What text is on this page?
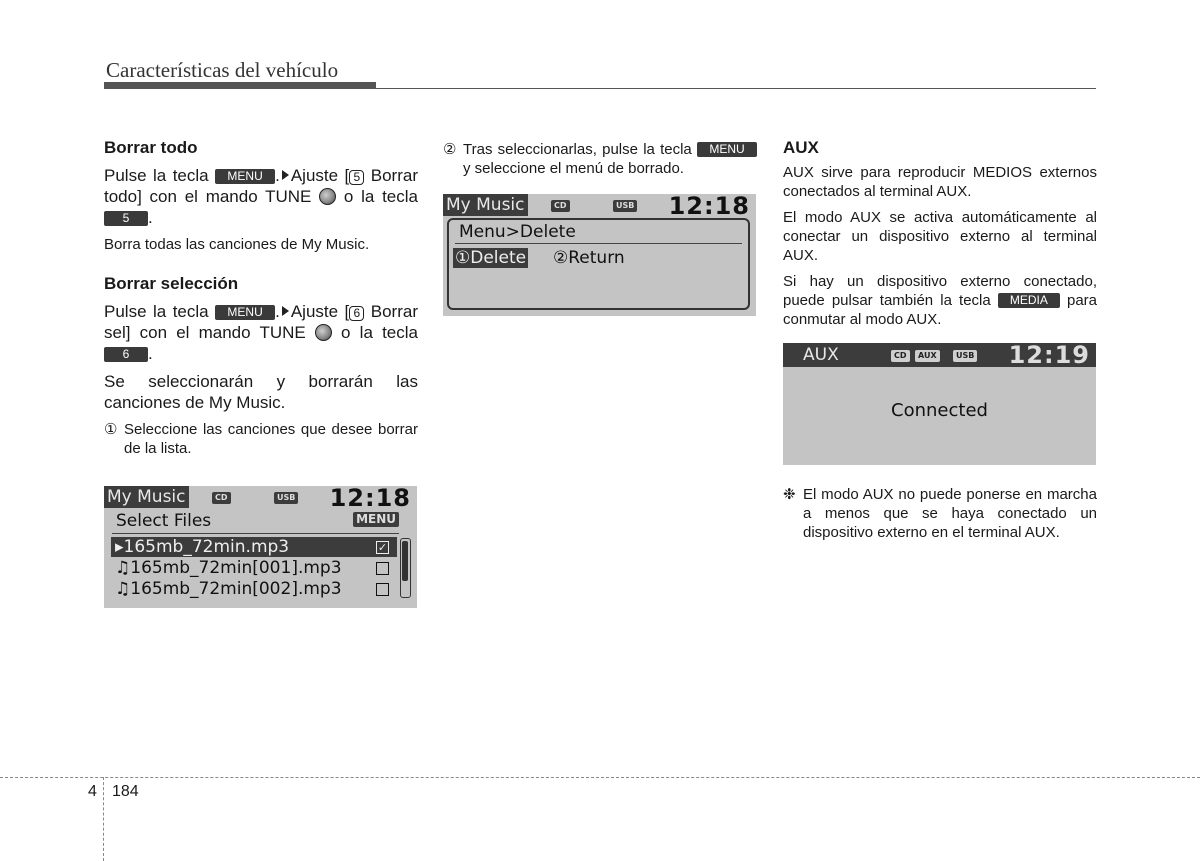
Características del vehículo
Borrar todo

Pulse la tecla MENU . Ajuste [ 5 Borrar todo] con el mando TUNE  o la tecla 5 .

Borra todas las canciones de My Music.

Borrar selección

Pulse la tecla MENU . Ajuste [ 6 Borrar sel] con el mando TUNE  o la tecla 6 .

Se seleccionarán y borrarán las canciones de My Music.

① Seleccione las canciones que desee borrar de la lista.
My Music	CD	USB 12:18
Select Files	MENU
▸165mb_72min.mp3	✓
♫165mb_72min[001].mp3
♫165mb_72min[002].mp3
② Tras seleccionarlas, pulse la tecla MENU y seleccione el menú de borrado.
My Music	CD	USB 12:18
Menu>Delete
①Delete ②Return
AUX

AUX sirve para reproducir MEDIOS externos conectados al terminal AUX.

El modo AUX se activa automáticamente al conectar un dispositivo externo al terminal AUX.

Si hay un dispositivo externo conectado, puede pulsar también la tecla MEDIA para conmutar al modo AUX.

AUX	CD	AUX	USB 12:19
Connected
❉ El modo AUX no puede ponerse en marcha a menos que se haya conectado un dispositivo externo en el terminal AUX.
4 184
